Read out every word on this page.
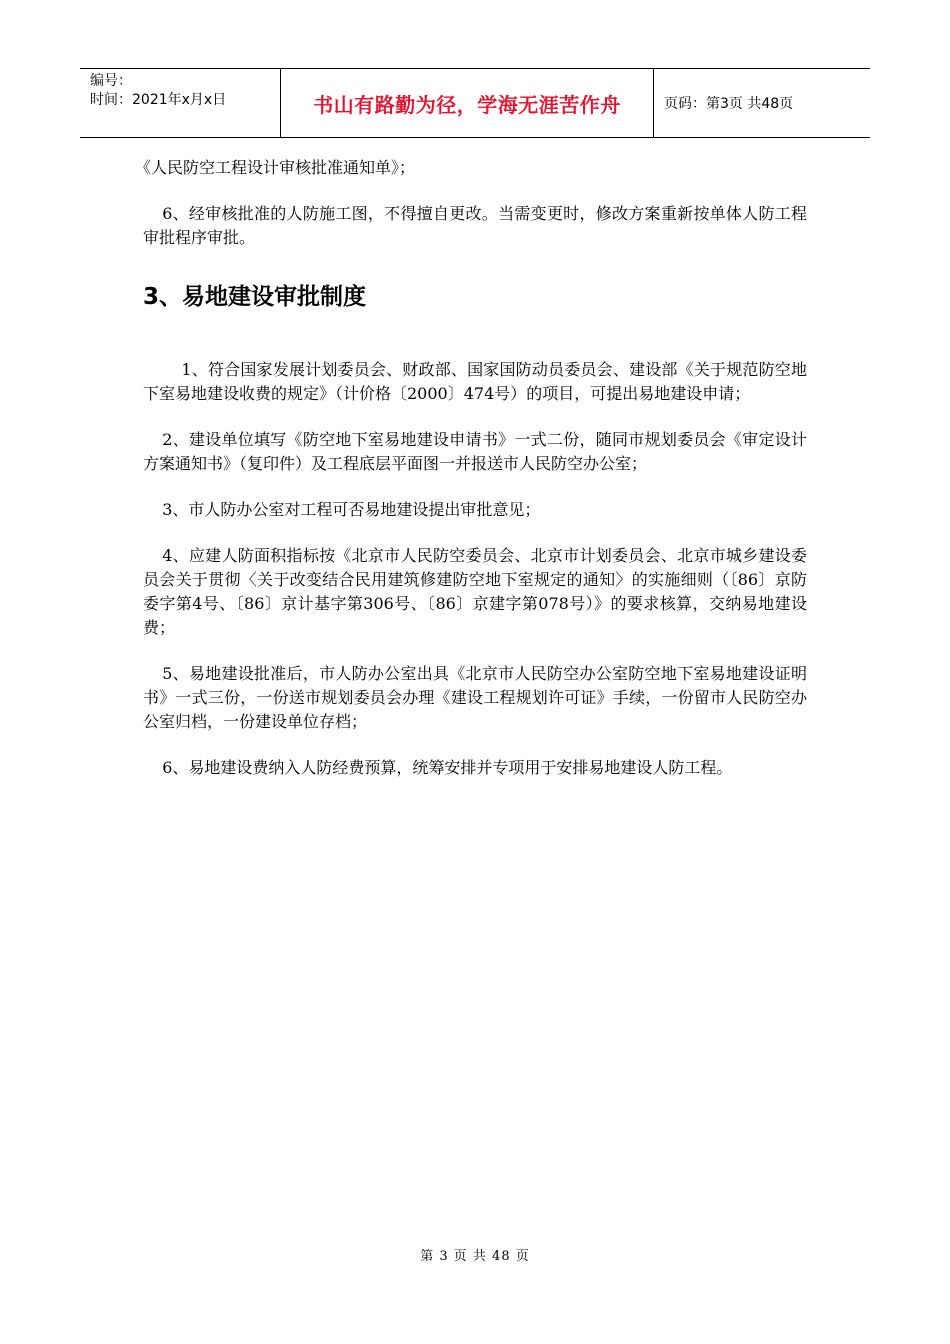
编号：
时间：2021年x月x日	书山有路勤为径，学海无涯苦作舟	页码：第3页 共48页

《人民防空工程设计审核批准通知单》；

6、经审核批准的人防施工图，不得擅自更改。当需变更时，修改方案重新按单体人防工程审批程序审批。

3、易地建设审批制度

1、符合国家发展计划委员会、财政部、国家国防动员委员会、建设部《关于规范防空地下室易地建设收费的规定》（计价格〔2000〕474号）的项目，可提出易地建设申请；

2、建设单位填写《防空地下室易地建设申请书》一式二份，随同市规划委员会《审定设计方案通知书》（复印件）及工程底层平面图一并报送市人民防空办公室；

3、市人防办公室对工程可否易地建设提出审批意见；

4、应建人防面积指标按《北京市人民防空委员会、北京市计划委员会、北京市城乡建设委员会关于贯彻〈关于改变结合民用建筑修建防空地下室规定的通知〉的实施细则（〔86〕京防委字第4号、〔86〕京计基字第306号、〔86〕京建字第078号）》的要求核算，交纳易地建设费；

5、易地建设批准后，市人防办公室出具《北京市人民防空办公室防空地下室易地建设证明书》一式三份，一份送市规划委员会办理《建设工程规划许可证》手续，一份留市人民防空办公室归档，一份建设单位存档；

6、易地建设费纳入人防经费预算，统筹安排并专项用于安排易地建设人防工程。

第 3 页 共 48 页
